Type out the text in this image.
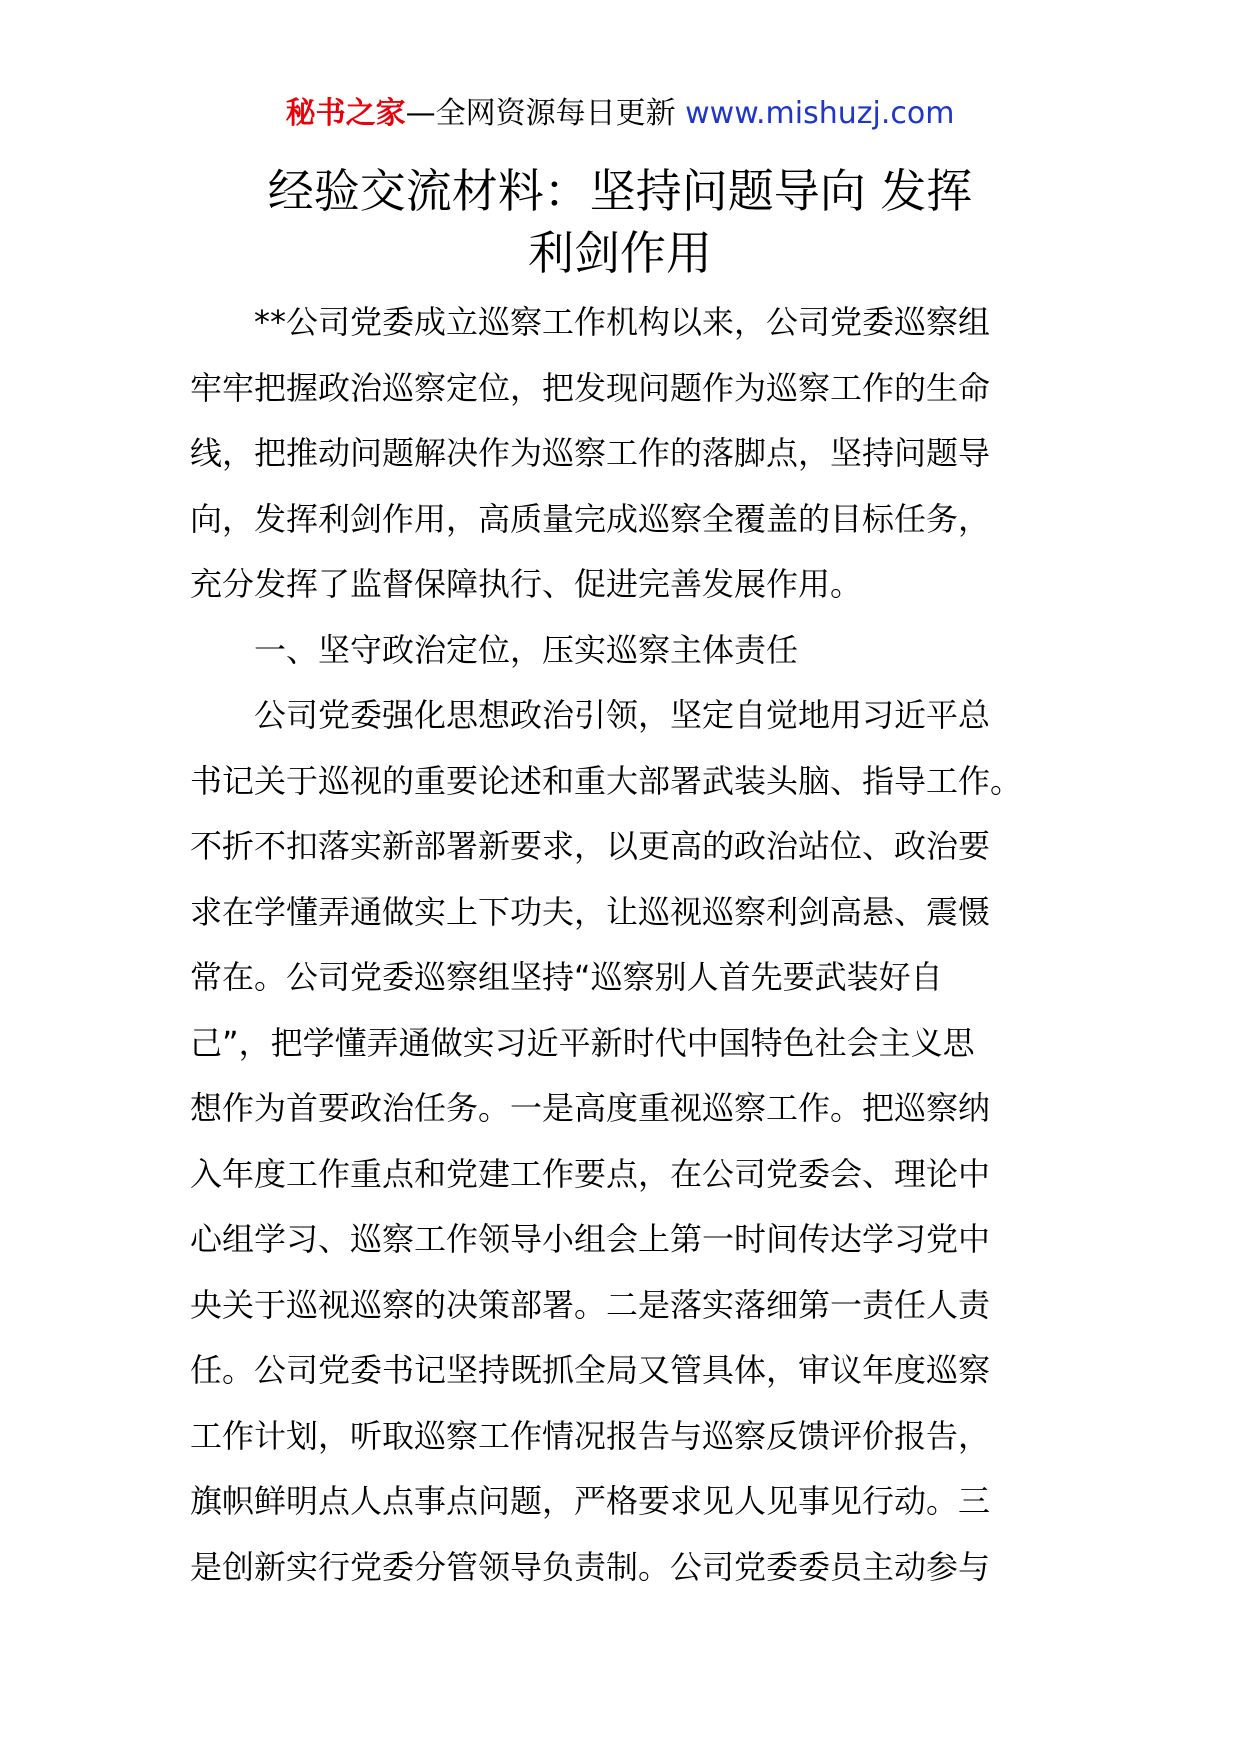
秘书之家—全网资源每日更新 www.mishuzj.com
经验交流材料：坚持问题导向 发挥
利剑作用
**公司党委成立巡察工作机构以来，公司党委巡察组
牢牢把握政治巡察定位，把发现问题作为巡察工作的生命
线，把推动问题解决作为巡察工作的落脚点，坚持问题导
向，发挥利剑作用，高质量完成巡察全覆盖的目标任务，
充分发挥了监督保障执行、促进完善发展作用。
一、坚守政治定位，压实巡察主体责任
公司党委强化思想政治引领，坚定自觉地用习近平总
书记关于巡视的重要论述和重大部署武装头脑、指导工作。
不折不扣落实新部署新要求，以更高的政治站位、政治要
求在学懂弄通做实上下功夫，让巡视巡察利剑高悬、震慑
常在。公司党委巡察组坚持“巡察别人首先要武装好自
己”，把学懂弄通做实习近平新时代中国特色社会主义思
想作为首要政治任务。一是高度重视巡察工作。把巡察纳
入年度工作重点和党建工作要点，在公司党委会、理论中
心组学习、巡察工作领导小组会上第一时间传达学习党中
央关于巡视巡察的决策部署。二是落实落细第一责任人责
任。公司党委书记坚持既抓全局又管具体，审议年度巡察
工作计划，听取巡察工作情况报告与巡察反馈评价报告，
旗帜鲜明点人点事点问题，严格要求见人见事见行动。三
是创新实行党委分管领导负责制。公司党委委员主动参与
